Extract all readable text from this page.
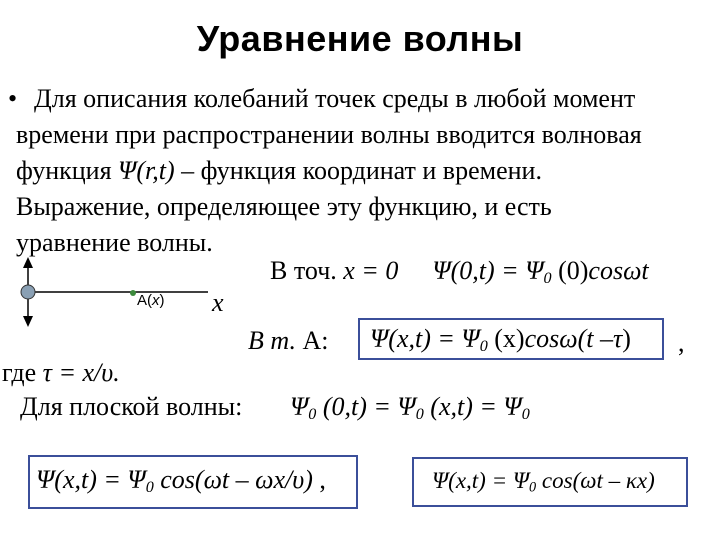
Уравнение волны
• Для описания колебаний точек среды в любой момент
времени при распространении волны вводится волновая
функция Ψ(r,t) – функция координат и времени.
Выражение, определяющее эту функцию, и есть
уравнение волны.
В точ. x = 0 $\Psi(0,t) = \Psi_0$ (0)cosωt
A(x) x
В т. А: $\Psi(x,t) = \Psi_0$ (x)cosω(t –τ) ,
где τ = x/υ.
Для плоской волны: $\Psi_0$ $(0,t) = \Psi_0$ $(x,t) = \Psi_0$
$\Psi(x,t) = \Psi_0$ cos(ωt – ωx/υ) ,	$\Psi(x,t) = \Psi_0$ cos(ωt – κx)
